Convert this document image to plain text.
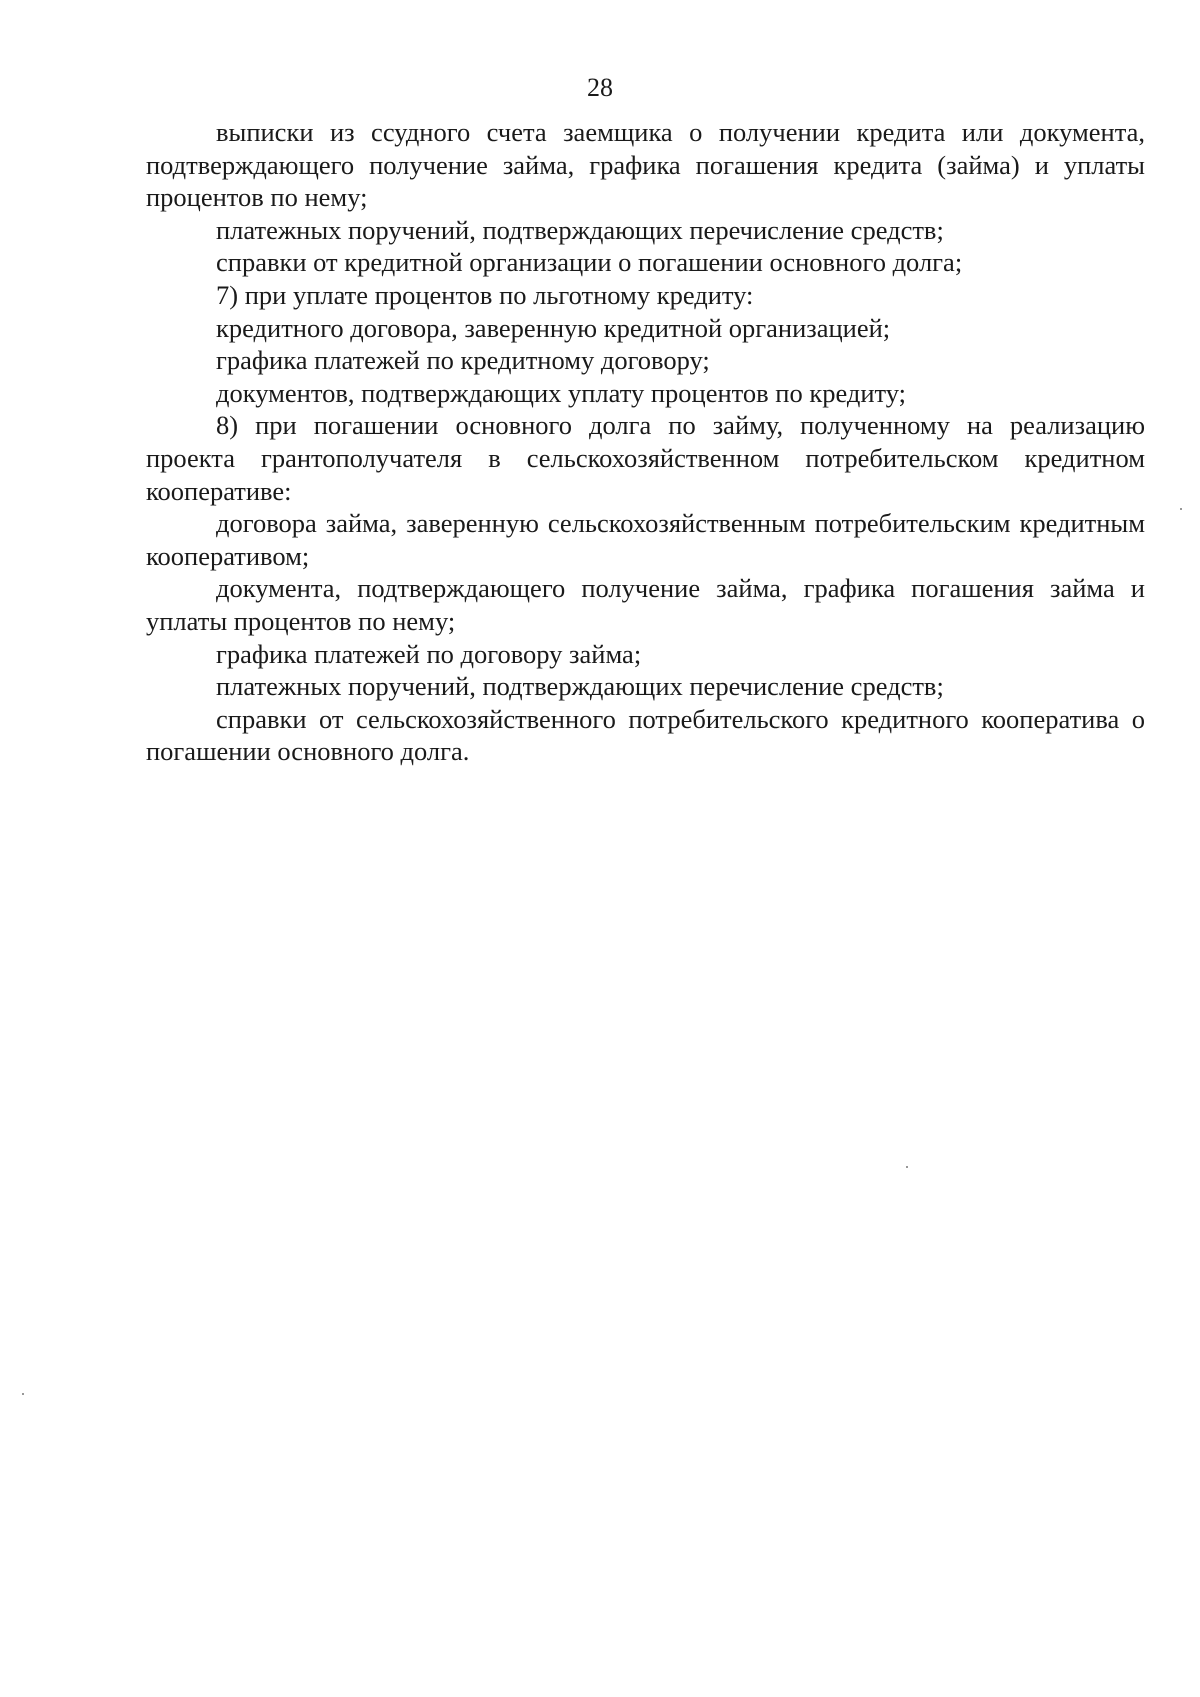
28

выписки из ссудного счета заемщика о получении кредита или документа, подтверждающего получение займа, графика погашения кредита (займа) и уплаты процентов по нему;

платежных поручений, подтверждающих перечисление средств;

справки от кредитной организации о погашении основного долга;

7) при уплате процентов по льготному кредиту:

кредитного договора, заверенную кредитной организацией;

графика платежей по кредитному договору;

документов, подтверждающих уплату процентов по кредиту;

8) при погашении основного долга по займу, полученному на реализацию проекта грантополучателя в сельскохозяйственном потребительском кредитном кооперативе:

договора займа, заверенную сельскохозяйственным потребительским кредитным кооперативом;

документа, подтверждающего получение займа, графика погашения займа и уплаты процентов по нему;

графика платежей по договору займа;

платежных поручений, подтверждающих перечисление средств;

справки от сельскохозяйственного потребительского кредитного кооператива о погашении основного долга.
